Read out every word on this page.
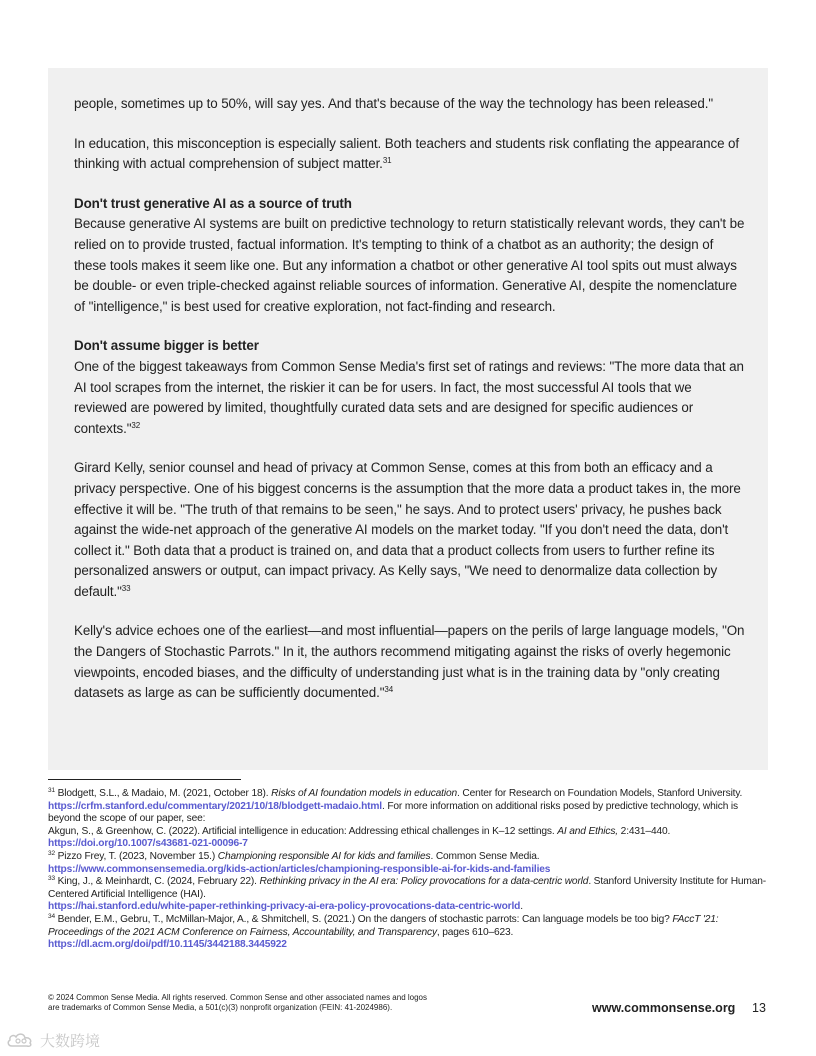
people, sometimes up to 50%, will say yes. And that's because of the way the technology has been released."

In education, this misconception is especially salient. Both teachers and students risk conflating the appearance of thinking with actual comprehension of subject matter.$^{31}$

Don't trust generative AI as a source of truth

Because generative AI systems are built on predictive technology to return statistically relevant words, they can't be relied on to provide trusted, factual information. It's tempting to think of a chatbot as an authority; the design of these tools makes it seem like one. But any information a chatbot or other generative AI tool spits out must always be double- or even triple-checked against reliable sources of information. Generative AI, despite the nomenclature of "intelligence," is best used for creative exploration, not fact-finding and research.

Don't assume bigger is better

One of the biggest takeaways from Common Sense Media's first set of ratings and reviews: "The more data that an AI tool scrapes from the internet, the riskier it can be for users. In fact, the most successful AI tools that we reviewed are powered by limited, thoughtfully curated data sets and are designed for specific audiences or contexts."$^{32}$

Girard Kelly, senior counsel and head of privacy at Common Sense, comes at this from both an efficacy and a privacy perspective. One of his biggest concerns is the assumption that the more data a product takes in, the more effective it will be. "The truth of that remains to be seen," he says. And to protect users' privacy, he pushes back against the wide-net approach of the generative AI models on the market today. "If you don't need the data, don't collect it." Both data that a product is trained on, and data that a product collects from users to further refine its personalized answers or output, can impact privacy. As Kelly says, "We need to denormalize data collection by default."$^{33}$

Kelly's advice echoes one of the earliest—and most influential—papers on the perils of large language models, "On the Dangers of Stochastic Parrots." In it, the authors recommend mitigating against the risks of overly hegemonic viewpoints, encoded biases, and the difficulty of understanding just what is in the training data by "only creating datasets as large as can be sufficiently documented."$^{34}$

$^{31}$ Blodgett, S.L., & Madaio, M. (2021, October 18). Risks of AI foundation models in education. Center for Research on Foundation Models, Stanford University. https://crfm.stanford.edu/commentary/2021/10/18/blodgett-madaio.html. For more information on additional risks posed by predictive technology, which is beyond the scope of our paper, see:
Akgun, S., & Greenhow, C. (2022). Artificial intelligence in education: Addressing ethical challenges in K–12 settings. AI and Ethics, 2:431–440. https://doi.org/10.1007/s43681-021-00096-7
$^{32}$ Pizzo Frey, T. (2023, November 15.) Championing responsible AI for kids and families. Common Sense Media.
https://www.commonsensemedia.org/kids-action/articles/championing-responsible-ai-for-kids-and-families
$^{33}$ King, J., & Meinhardt, C. (2024, February 22). Rethinking privacy in the AI era: Policy provocations for a data-centric world. Stanford University Institute for Human-Centered Artificial Intelligence (HAI).
https://hai.stanford.edu/white-paper-rethinking-privacy-ai-era-policy-provocations-data-centric-world.
$^{34}$ Bender, E.M., Gebru, T., McMillan-Major, A., & Shmitchell, S. (2021.) On the dangers of stochastic parrots: Can language models be too big? FAccT '21: Proceedings of the 2021 ACM Conference on Fairness, Accountability, and Transparency, pages 610–623.
https://dl.acm.org/doi/pdf/10.1145/3442188.3445922
© 2024 Common Sense Media. All rights reserved. Common Sense and other associated names and logos
are trademarks of Common Sense Media, a 501(c)(3) nonprofit organization (FEIN: 41-2024986).	www.commonsense.org 13
大数跨境
